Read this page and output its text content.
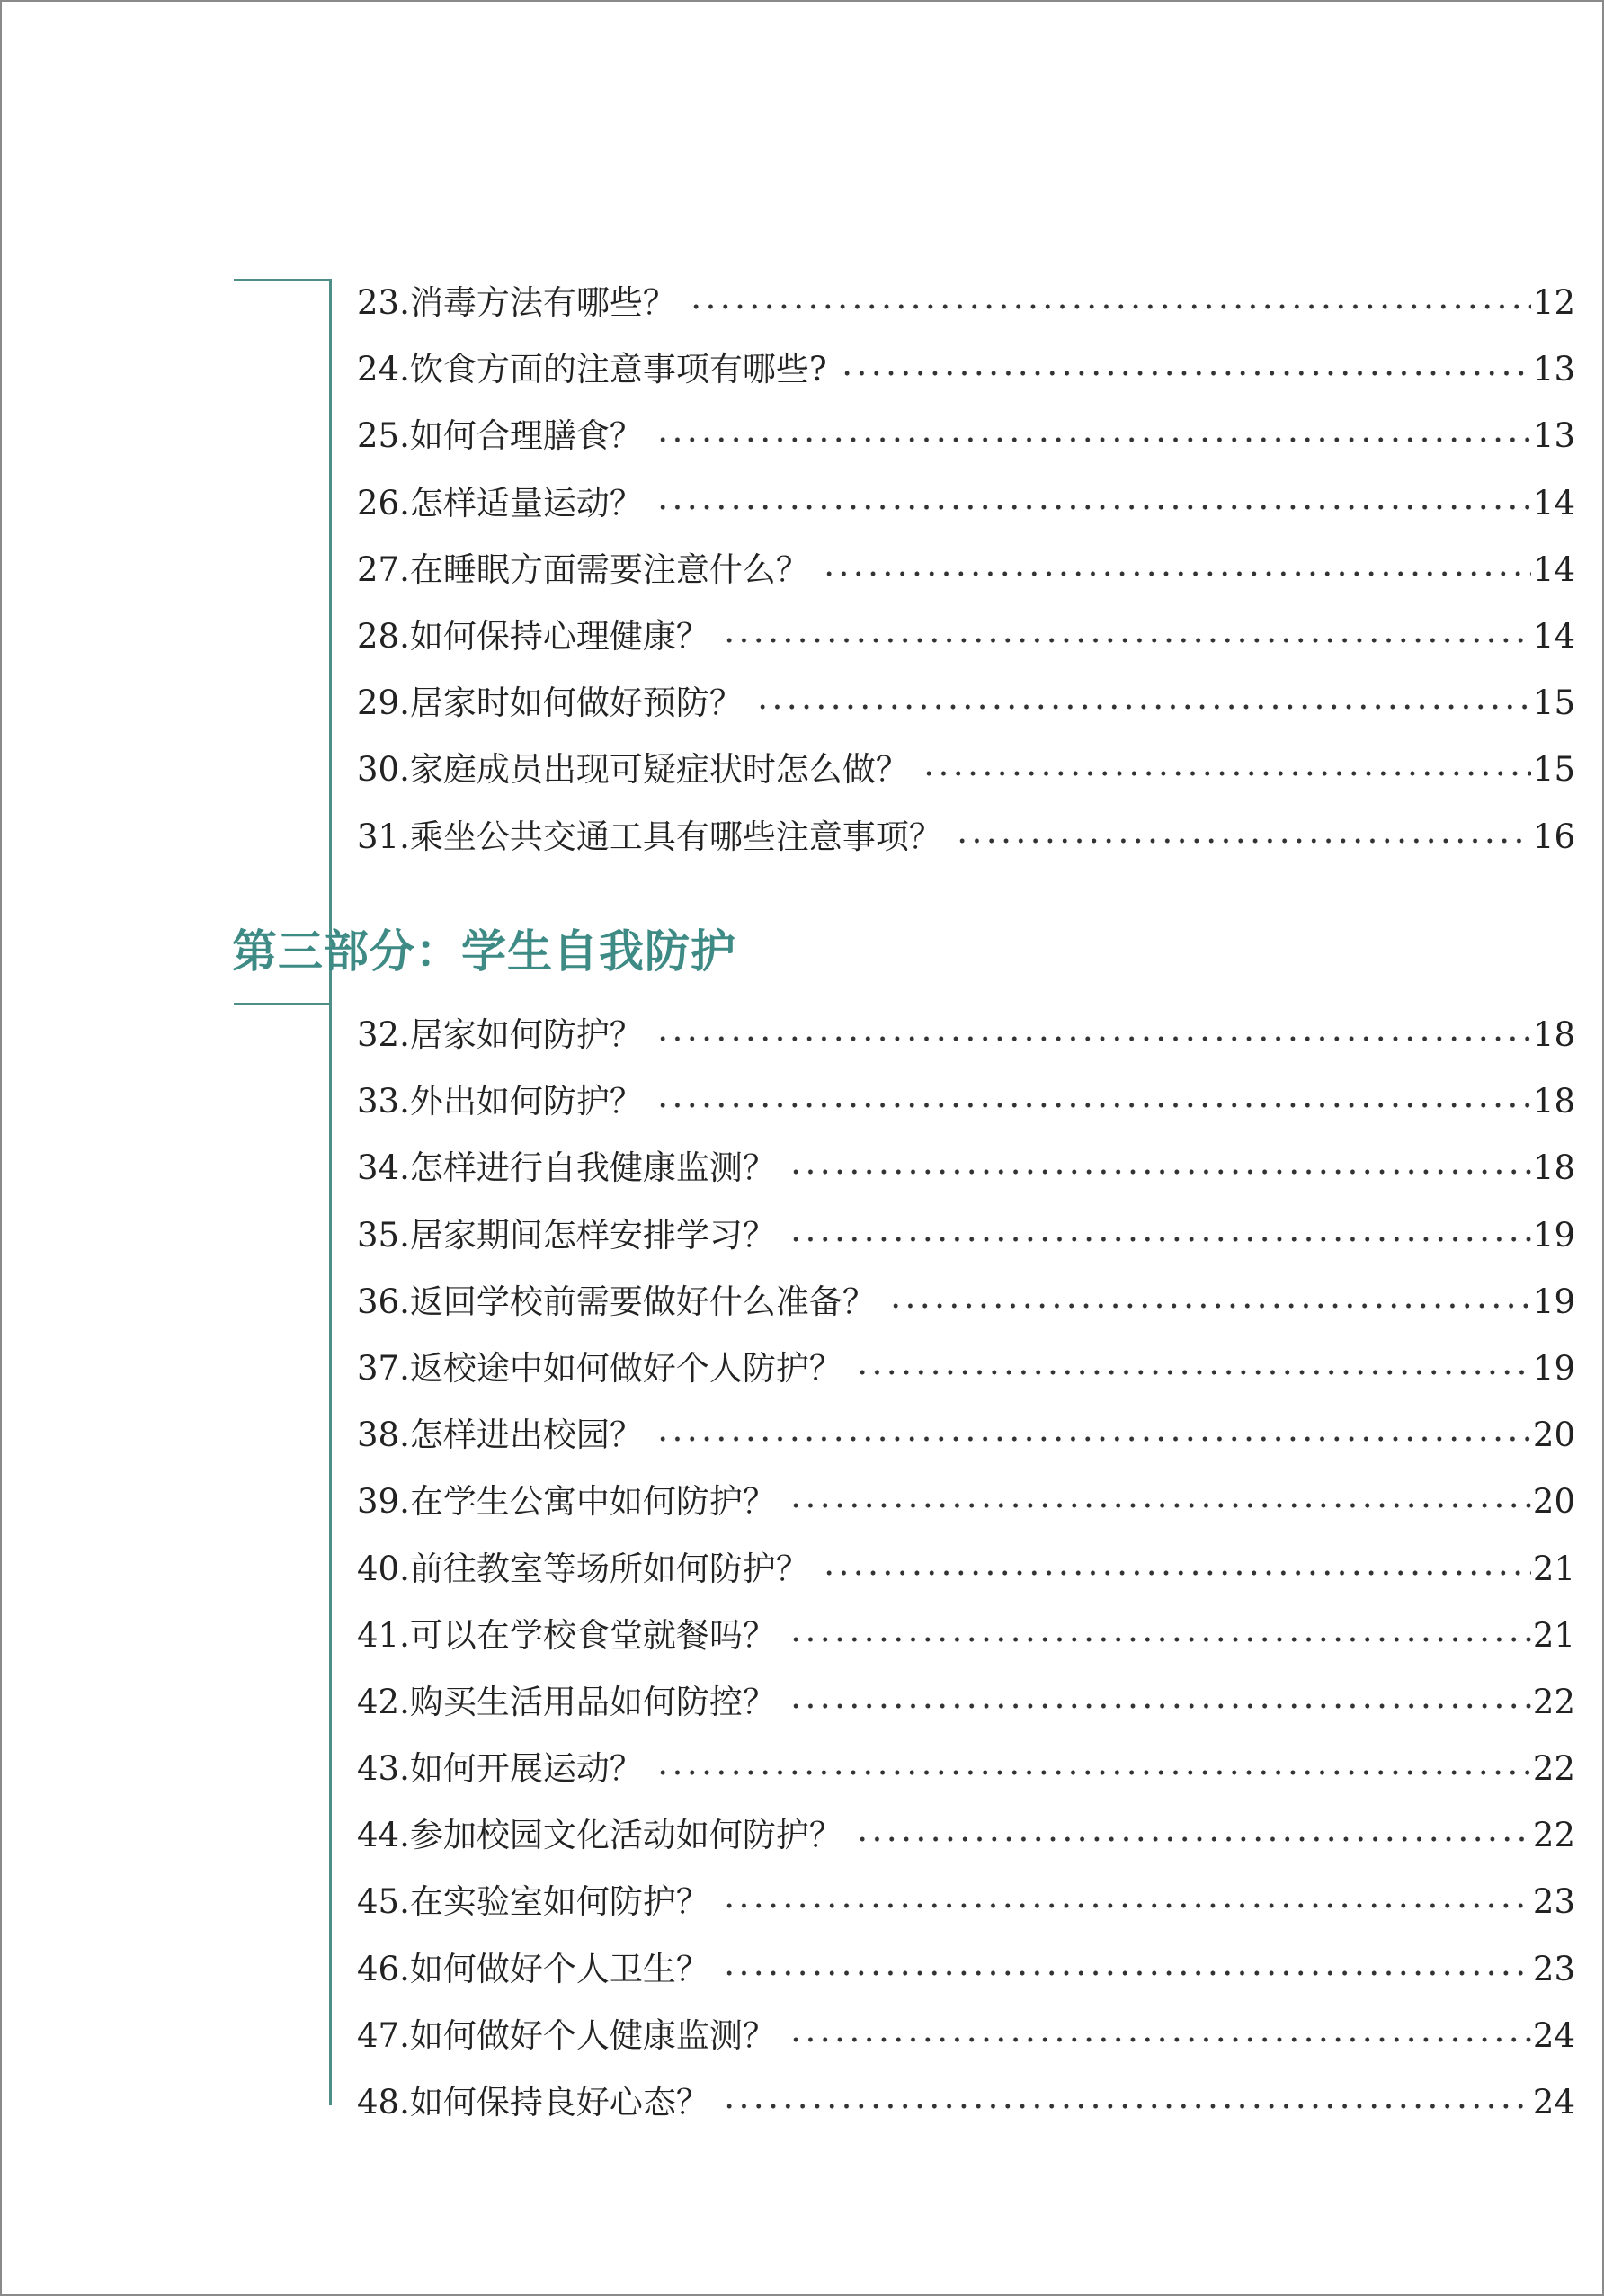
23.消毒方法有哪些？	12
24.饮食方面的注意事项有哪些?	13
25.如何合理膳食？	13
26.怎样适量运动？	14
27.在睡眠方面需要注意什么？	14
28.如何保持心理健康？	14
29.居家时如何做好预防？	15
30.家庭成员出现可疑症状时怎么做？	15
31.乘坐公共交通工具有哪些注意事项？	16
第三部分：学生自我防护
32.居家如何防护？	18
33.外出如何防护？	18
34.怎样进行自我健康监测？	18
35.居家期间怎样安排学习？	19
36.返回学校前需要做好什么准备？	19
37.返校途中如何做好个人防护？	19
38.怎样进出校园？	20
39.在学生公寓中如何防护？	20
40.前往教室等场所如何防护？	21
41.可以在学校食堂就餐吗？	21
42.购买生活用品如何防控？	22
43.如何开展运动？	22
44.参加校园文化活动如何防护？	22
45.在实验室如何防护？	23
46.如何做好个人卫生？	23
47.如何做好个人健康监测？	24
48.如何保持良好心态？	24
